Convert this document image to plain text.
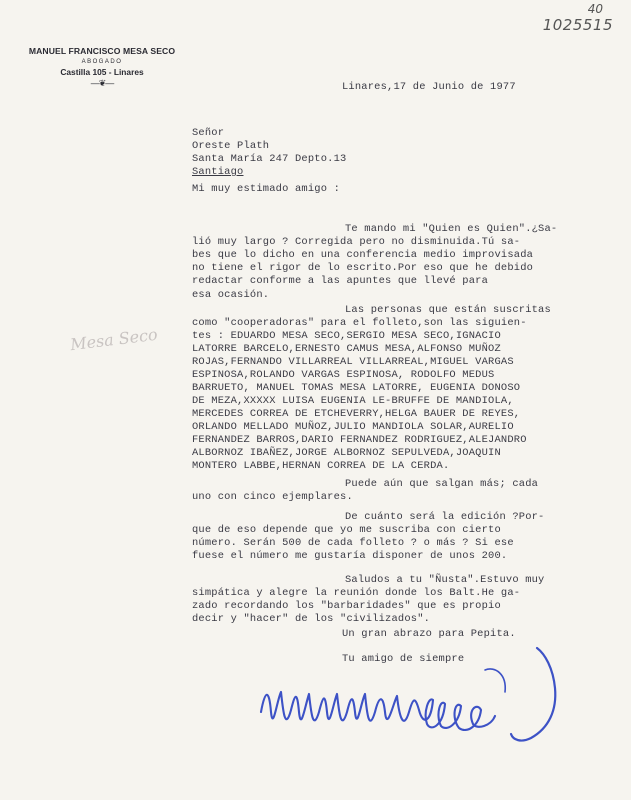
40
1025515
MANUEL FRANCISCO MESA SECO
ABOGADO
Castilla 105 - Linares
—❦—
Mesa Seco
Linares,17 de Junio de 1977
Señor
Oreste Plath
Santa María 247 Depto.13
Santiago
Mi muy estimado amigo :
Te mando mi "Quien es Quien".¿Sa-
lió muy largo ? Corregida pero no disminuida.Tú sa-
bes que lo dicho en una conferencia medio improvisada
no tiene el rigor de lo escrito.Por eso que he debido
redactar conforme a las apuntes que llevé para
esa ocasión.
Las personas que están suscritas
como "cooperadoras" para el folleto,son las siguien-
tes : EDUARDO MESA SECO,SERGIO MESA SECO,IGNACIO
LATORRE BARCELO,ERNESTO CAMUS MESA,ALFONSO MUÑOZ
ROJAS,FERNANDO VILLARREAL VILLARREAL,MIGUEL VARGAS
ESPINOSA,ROLANDO VARGAS ESPINOSA, RODOLFO MEDUS
BARRUETO, MANUEL TOMAS MESA LATORRE, EUGENIA DONOSO
DE MEZA,XXXXX LUISA EUGENIA LE-BRUFFE DE MANDIOLA,
MERCEDES CORREA DE ETCHEVERRY,HELGA BAUER DE REYES,
ORLANDO MELLADO MUÑOZ,JULIO MANDIOLA SOLAR,AURELIO
FERNANDEZ BARROS,DARIO FERNANDEZ RODRIGUEZ,ALEJANDRO
ALBORNOZ IBAÑEZ,JORGE ALBORNOZ SEPULVEDA,JOAQUIN
MONTERO LABBE,HERNAN CORREA DE LA CERDA.
Puede aún que salgan más; cada
uno con cinco ejemplares.
De cuánto será la edición ?Por-
que de eso depende que yo me suscriba con cierto
número. Serán 500 de cada folleto ? o más ? Si ese
fuese el número me gustaría disponer de unos 200.
Saludos a tu "Ñusta".Estuvo muy
simpática y alegre la reunión donde los Balt.He ga-
zado recordando los "barbaridades" que es propio
decir y "hacer" de los "civilizados".
Un gran abrazo para Pepita.
Tu amigo de siempre
